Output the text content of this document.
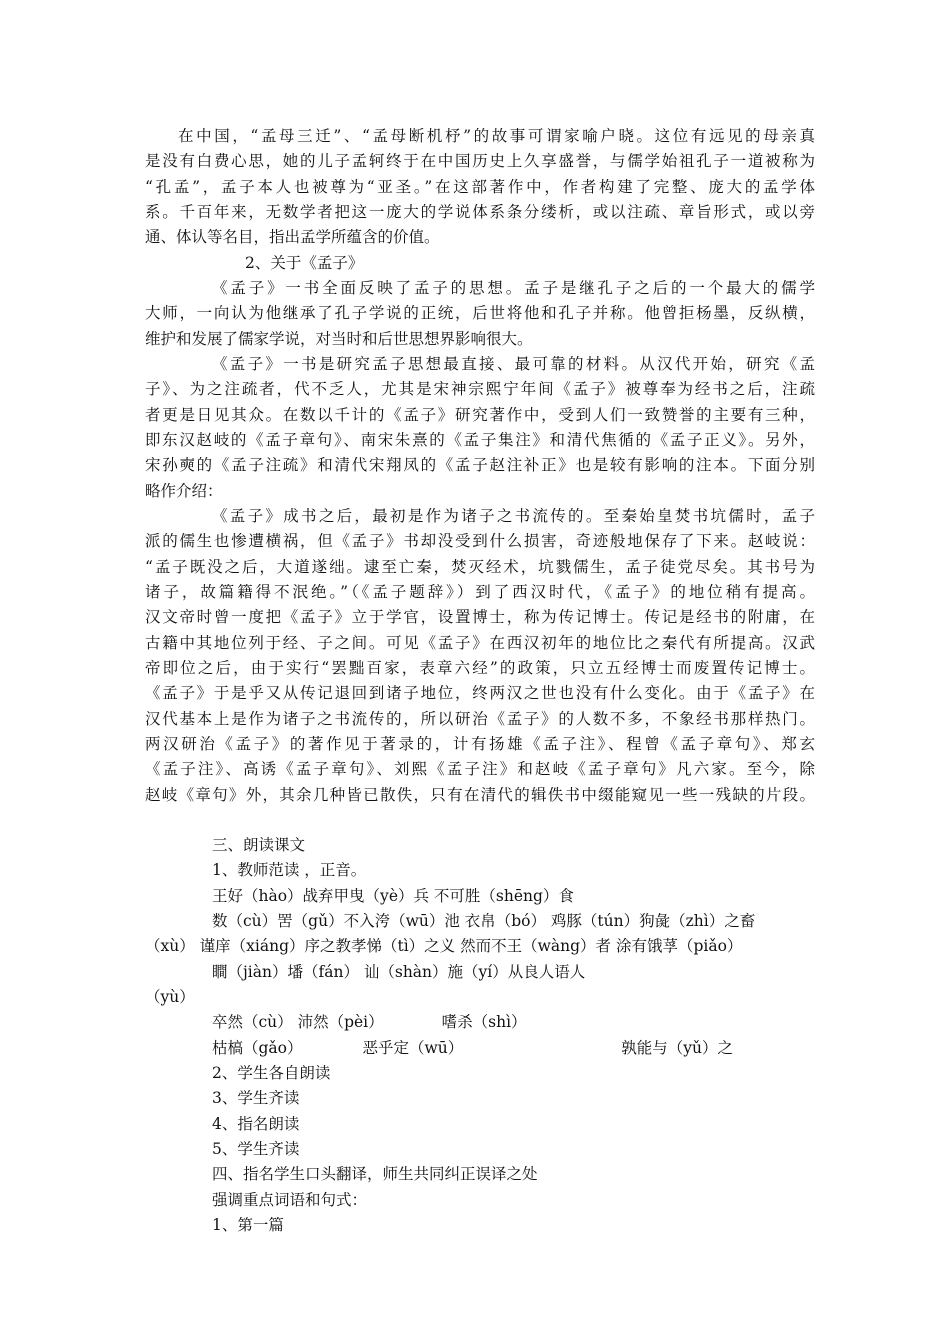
在中国，“孟母三迁”、“孟母断机杼”的故事可谓家喻户晓。这位有远见的母亲真
是没有白费心思，她的儿子孟轲终于在中国历史上久享盛誉，与儒学始祖孔子一道被称为
“孔孟”，孟子本人也被尊为“亚圣。”在这部著作中，作者构建了完整、庞大的孟学体
系。千百年来，无数学者把这一庞大的学说体系条分缕析，或以注疏、章旨形式，或以旁
通、体认等名目，指出孟学所蕴含的价值。
2、关于《孟子》
《孟子》一书全面反映了孟子的思想。孟子是继孔子之后的一个最大的儒学
大师，一向认为他继承了孔子学说的正统，后世将他和孔子并称。他曾拒杨墨，反纵横，
维护和发展了儒家学说，对当时和后世思想界影响很大。
《孟子》一书是研究孟子思想最直接、最可靠的材料。从汉代开始，研究《孟
子》、为之注疏者，代不乏人，尤其是宋神宗熙宁年间《孟子》被尊奉为经书之后，注疏
者更是日见其众。在数以千计的《孟子》研究著作中，受到人们一致赞誉的主要有三种，
即东汉赵岐的《孟子章句》、南宋朱熹的《孟子集注》和清代焦循的《孟子正义》。另外，
宋孙奭的《孟子注疏》和清代宋翔凤的《孟子赵注补正》也是较有影响的注本。下面分别
略作介绍：
《孟子》成书之后，最初是作为诸子之书流传的。至秦始皇焚书坑儒时，孟子
派的儒生也惨遭横祸，但《孟子》书却没受到什么损害，奇迹般地保存了下来。赵岐说：
“孟子既没之后，大道遂绌。逮至亡秦，焚灭经术，坑戮儒生，孟子徒党尽矣。其书号为
诸子，故篇籍得不泯绝。”（《孟子题辞》）到了西汉时代，《孟子》的地位稍有提高。
汉文帝时曾一度把《孟子》立于学官，设置博士，称为传记博士。传记是经书的附庸，在
古籍中其地位列于经、子之间。可见《孟子》在西汉初年的地位比之秦代有所提高。汉武
帝即位之后，由于实行“罢黜百家，表章六经”的政策，只立五经博士而废置传记博士。
《孟子》于是乎又从传记退回到诸子地位，终两汉之世也没有什么变化。由于《孟子》在
汉代基本上是作为诸子之书流传的，所以研治《孟子》的人数不多，不象经书那样热门。
两汉研治《孟子》的著作见于著录的，计有扬雄《孟子注》、程曾《孟子章句》、郑玄
《孟子注》、高诱《孟子章句》、刘熙《孟子注》和赵岐《孟子章句》凡六家。至今，除
赵岐《章句》外，其余几种皆已散佚，只有在清代的辑佚书中缀能窥见一些一残缺的片段。
三、朗读课文
1、教师范读 ，正音。
王好（hào）战弃甲曳（yè）兵 不可胜（shēng）食
数（cù）罟（gǔ）不入洿（wū）池 衣帛（bó） 鸡豚（tún）狗彘（zhì）之畜
（xù） 谨庠（xiáng）序之教孝悌（tì）之义 然而不王（wàng）者 涂有饿莩（piǎo）
瞷（jiàn）墦（fán） 讪（shàn）施（yí）从良人语人
（yù）
卒然（cù） 沛然（pèi）	嗜杀（shì）
枯槁（gǎo）	恶乎定（wū）	孰能与（yǔ）之
2、学生各自朗读
3、学生齐读
4、指名朗读
5、学生齐读
四、指名学生口头翻译，师生共同纠正误译之处
强调重点词语和句式：
1、第一篇
